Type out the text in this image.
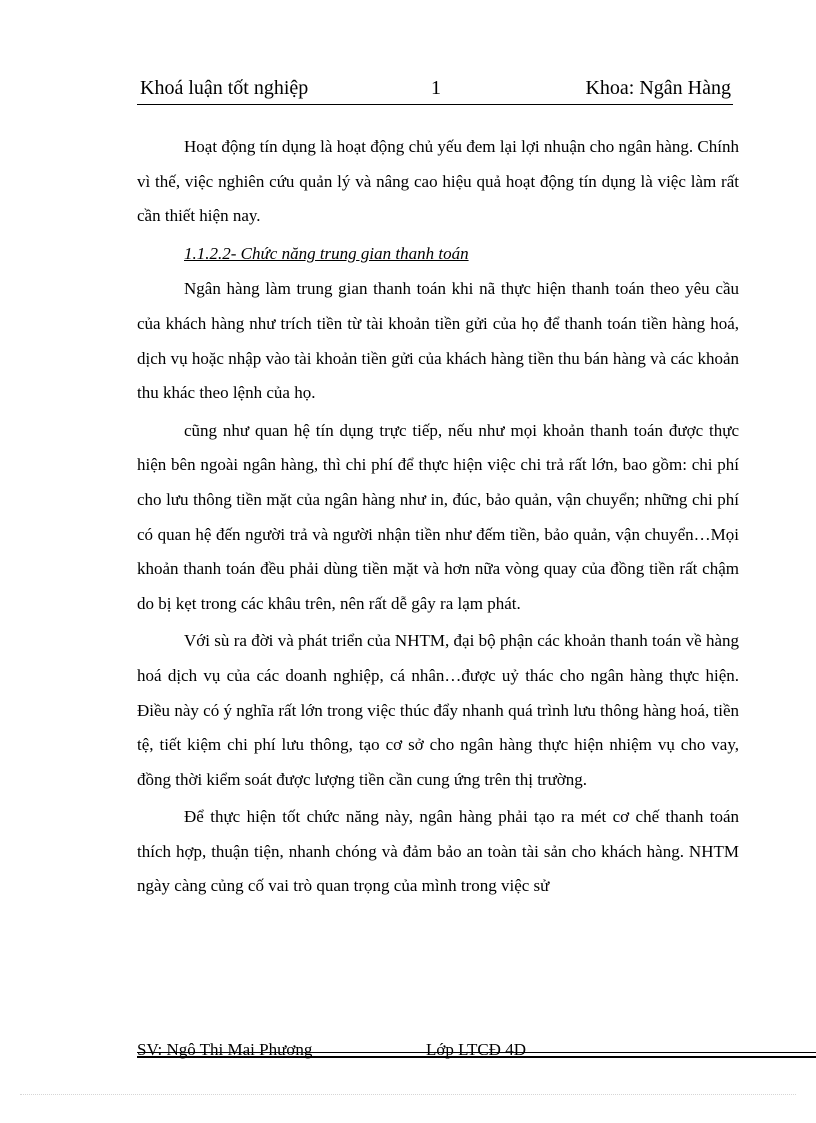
Khoá luận tốt nghiệp	1	Khoa: Ngân Hàng

Hoạt động tín dụng là hoạt động chủ yếu đem lại lợi nhuận cho ngân hàng. Chính vì thế, việc nghiên cứu quản lý và nâng cao hiệu quả hoạt động tín dụng là việc làm rất cần thiết hiện nay.

1.1.2.2- Chức năng trung gian thanh toán

Ngân hàng làm trung gian thanh toán khi nã thực hiện thanh toán theo yêu cầu của khách hàng như trích tiền từ tài khoản tiền gửi của họ để thanh toán tiền hàng hoá, dịch vụ hoặc nhập vào tài khoản tiền gửi của khách hàng tiền thu bán hàng và các khoản thu khác theo lệnh của họ.

cũng như quan hệ tín dụng trực tiếp, nếu như mọi khoản thanh toán được thực hiện bên ngoài ngân hàng, thì chi phí để thực hiện việc chi trả rất lớn, bao gồm: chi phí cho lưu thông tiền mặt của ngân hàng như in, đúc, bảo quản, vận chuyển; những chi phí có quan hệ đến người trả và người nhận tiền như đếm tiền, bảo quản, vận chuyển…Mọi khoản thanh toán đều phải dùng tiền mặt và hơn nữa vòng quay của đồng tiền rất chậm do bị kẹt trong các khâu trên, nên rất dễ gây ra lạm phát.

Với sù ra đời và phát triển của NHTM, đại bộ phận các khoản thanh toán về hàng hoá dịch vụ của các doanh nghiệp, cá nhân…được uỷ thác cho ngân hàng thực hiện. Điều này có ý nghĩa rất lớn trong việc thúc đẩy nhanh quá trình lưu thông hàng hoá, tiền tệ, tiết kiệm chi phí lưu thông, tạo cơ sở cho ngân hàng thực hiện nhiệm vụ cho vay, đồng thời kiểm soát được lượng tiền cần cung ứng trên thị trường.

Để thực hiện tốt chức năng này, ngân hàng phải tạo ra mét cơ chế thanh toán thích hợp, thuận tiện, nhanh chóng và đảm bảo an toàn tài sản cho khách hàng. NHTM ngày càng củng cố vai trò quan trọng của mình trong việc sử

SV: Ngô Thị Mai Phương	Lớp LTCĐ 4D
